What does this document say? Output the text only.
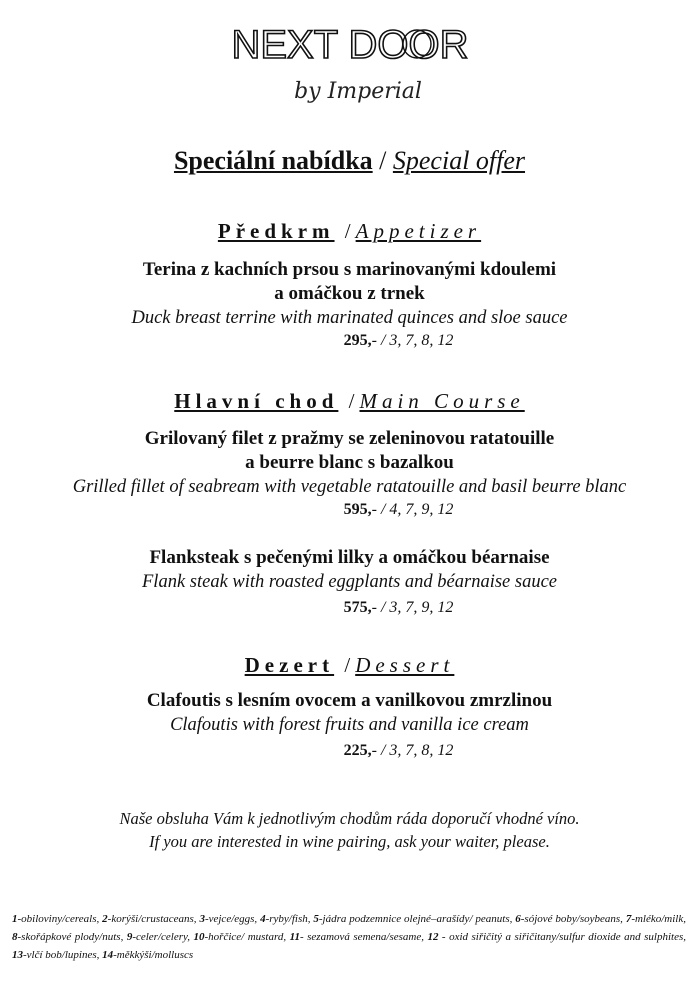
NEXT DOOR
by Imperial
Speciální nabídka / Special offer
Předkrm /Appetizer
Terina z kachních prsou s marinovanými kdoulemi
a omáčkou z trnek
Duck breast terrine with marinated quinces and sloe sauce
295,- / 3, 7, 8, 12
Hlavní chod /Main Course
Grilovaný filet z pražmy se zeleninovou ratatouille
a beurre blanc s bazalkou
Grilled fillet of seabream with vegetable ratatouille and basil beurre blanc
595,- / 4, 7, 9, 12
Flanksteak s pečenými lilky a omáčkou béarnaise
Flank steak with roasted eggplants and béarnaise sauce
575,- / 3, 7, 9, 12
Dezert /Dessert
Clafoutis s lesním ovocem a vanilkovou zmrzlinou
Clafoutis with forest fruits and vanilla ice cream
225,- / 3, 7, 8, 12
Naše obsluha Vám k jednotlivým chodům ráda doporučí vhodné víno.
If you are interested in wine pairing, ask your waiter, please.
1-obiloviny/cereals, 2-korýši/crustaceans, 3-vejce/eggs, 4-ryby/fish, 5-jádra podzemnice olejné–arašídy/ peanuts, 6-sójové boby/soybeans, 7-mléko/milk, 8-skořápkové plody/nuts, 9-celer/celery, 10-hořčice/ mustard, 11- sezamová semena/sesame, 12 - oxid siřičitý a siřičitany/sulfur dioxide and sulphites, 13-vlčí bob/lupines, 14-měkkýši/molluscs
